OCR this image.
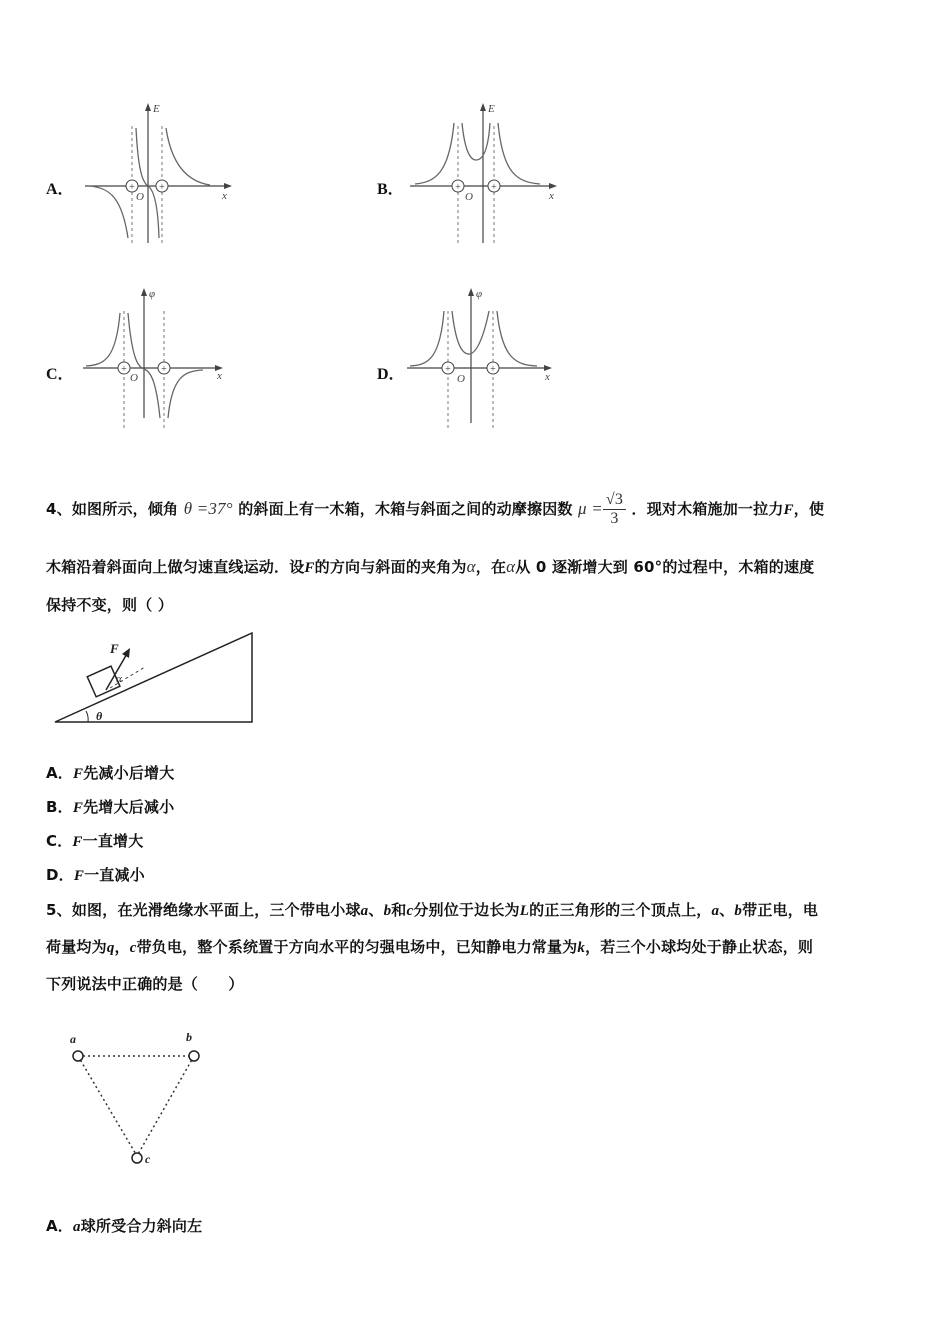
A．
E
x
O
+ +	B．
E
x
O
+	+
C．
φ
x
O
+	+	D．
φ
x
O
+	+
4、如图所示，倾角 θ =37° 的斜面上有一木箱，木箱与斜面之间的动摩擦因数 $\mu = \frac{√3}{3}$ ．现对木箱施加一拉力F，使
木箱沿着斜面向上做匀速直线运动．设F的方向与斜面的夹角为α，在α从 0 逐渐增大到 60°的过程中，木箱的速度
保持不变，则（ ）
F
α
θ
A．F先减小后增大
B．F先增大后减小
C．F一直增大
D．F一直减小
5、如图，在光滑绝缘水平面上，三个带电小球a、b和c分别位于边长为L的正三角形的三个顶点上，a、b带正电，电
荷量均为q，c带负电，整个系统置于方向水平的匀强电场中，已知静电力常量为k，若三个小球均处于静止状态，则
下列说法中正确的是（　　）
a	b
c
A．a球所受合力斜向左
